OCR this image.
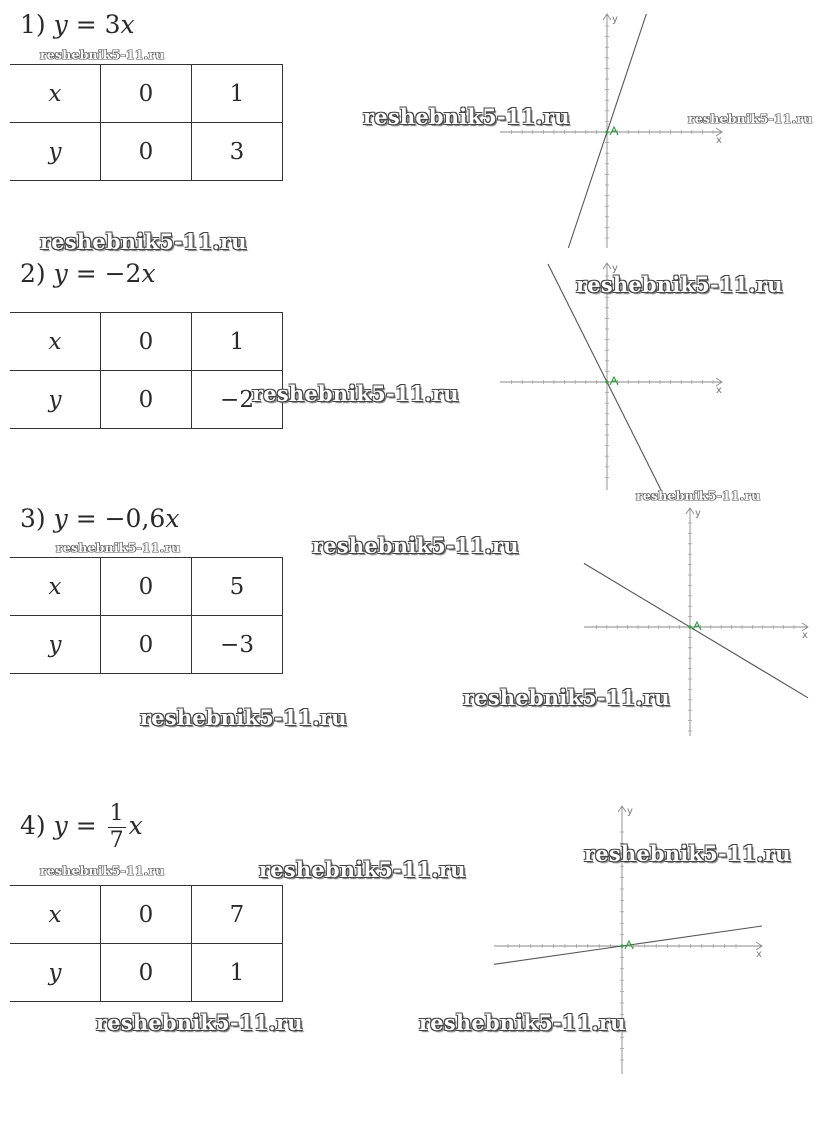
1) y = 3x
x	0	1
y	0	3
2) y = −2x
x	0	1
y	0	−2
3) y = −0,6x
x	0	5
y	0	−3
4) $y = \frac{1}{7}$ x
x	0	7
y	0	1
x
y
x
y
x
y
x
y
reshebnik5-11.ru
reshebnik5-11.ru	reshebnik5-11.ru
reshebnik5-11.ru
reshebnik5-11.ru
reshebnik5-11.ru
reshebnik5-11.ru
reshebnik5-11.ru	reshebnik5-11.ru
reshebnik5-11.ru
reshebnik5-11.ru
reshebnik5-11.ru
reshebnik5-11.ru	reshebnik5-11.ru
reshebnik5-11.ru	reshebnik5-11.ru
